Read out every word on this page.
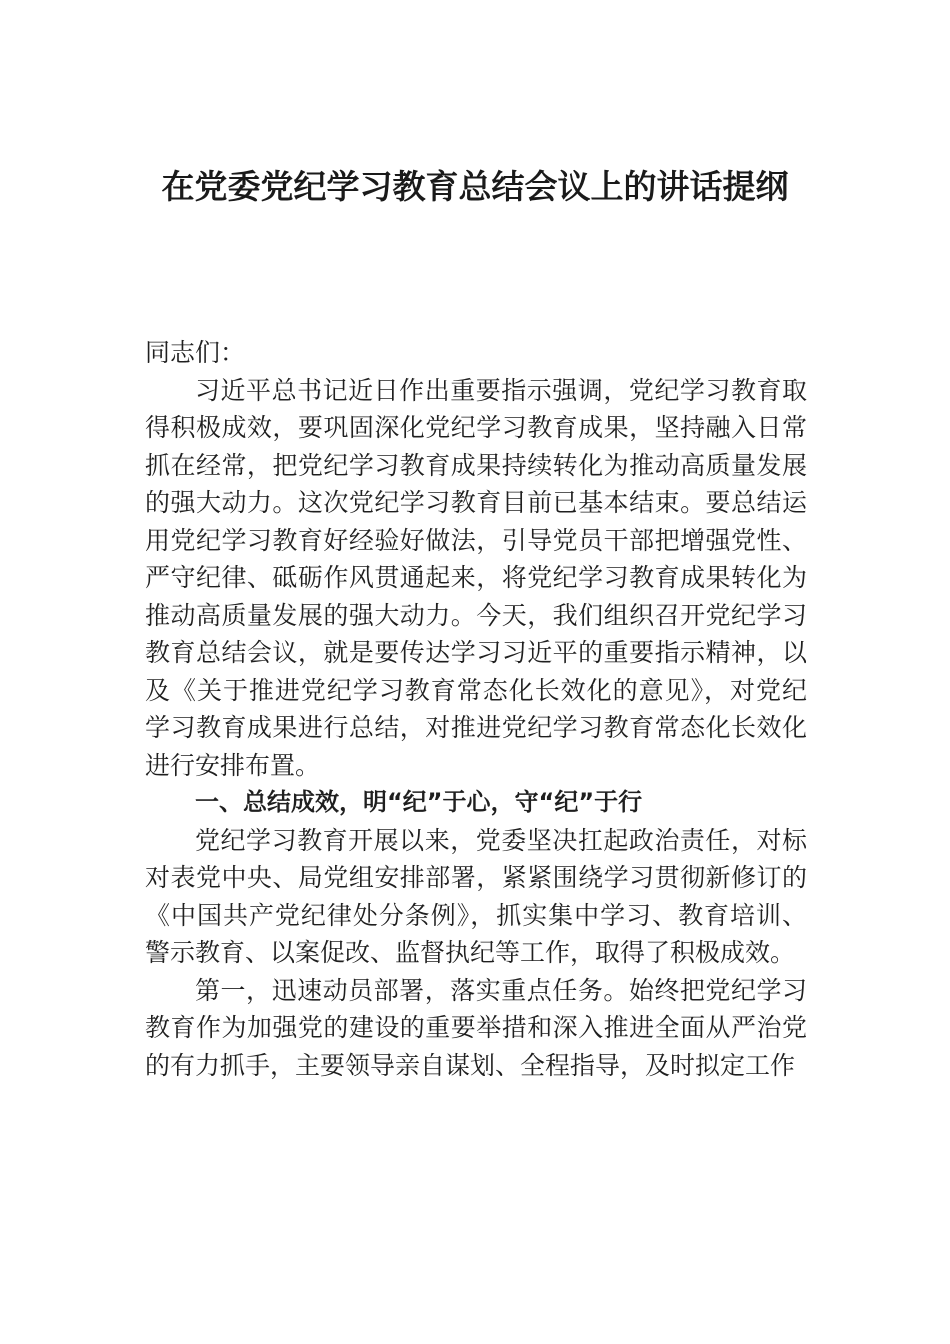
在党委党纪学习教育总结会议上的讲话提纲

同志们：

习近平总书记近日作出重要指示强调，党纪学习教育取得积极成效，要巩固深化党纪学习教育成果，坚持融入日常抓在经常，把党纪学习教育成果持续转化为推动高质量发展的强大动力。这次党纪学习教育目前已基本结束。要总结运用党纪学习教育好经验好做法，引导党员干部把增强党性、严守纪律、砥砺作风贯通起来，将党纪学习教育成果转化为推动高质量发展的强大动力。今天，我们组织召开党纪学习教育总结会议，就是要传达学习习近平的重要指示精神，以及《关于推进党纪学习教育常态化长效化的意见》，对党纪学习教育成果进行总结，对推进党纪学习教育常态化长效化进行安排布置。

一、总结成效，明“纪”于心，守“纪”于行

党纪学习教育开展以来，党委坚决扛起政治责任，对标对表党中央、局党组安排部署，紧紧围绕学习贯彻新修订的《中国共产党纪律处分条例》，抓实集中学习、教育培训、警示教育、以案促改、监督执纪等工作，取得了积极成效。

第一，迅速动员部署，落实重点任务。始终把党纪学习教育作为加强党的建设的重要举措和深入推进全面从严治党的有力抓手，主要领导亲自谋划、全程指导，及时拟定工作
